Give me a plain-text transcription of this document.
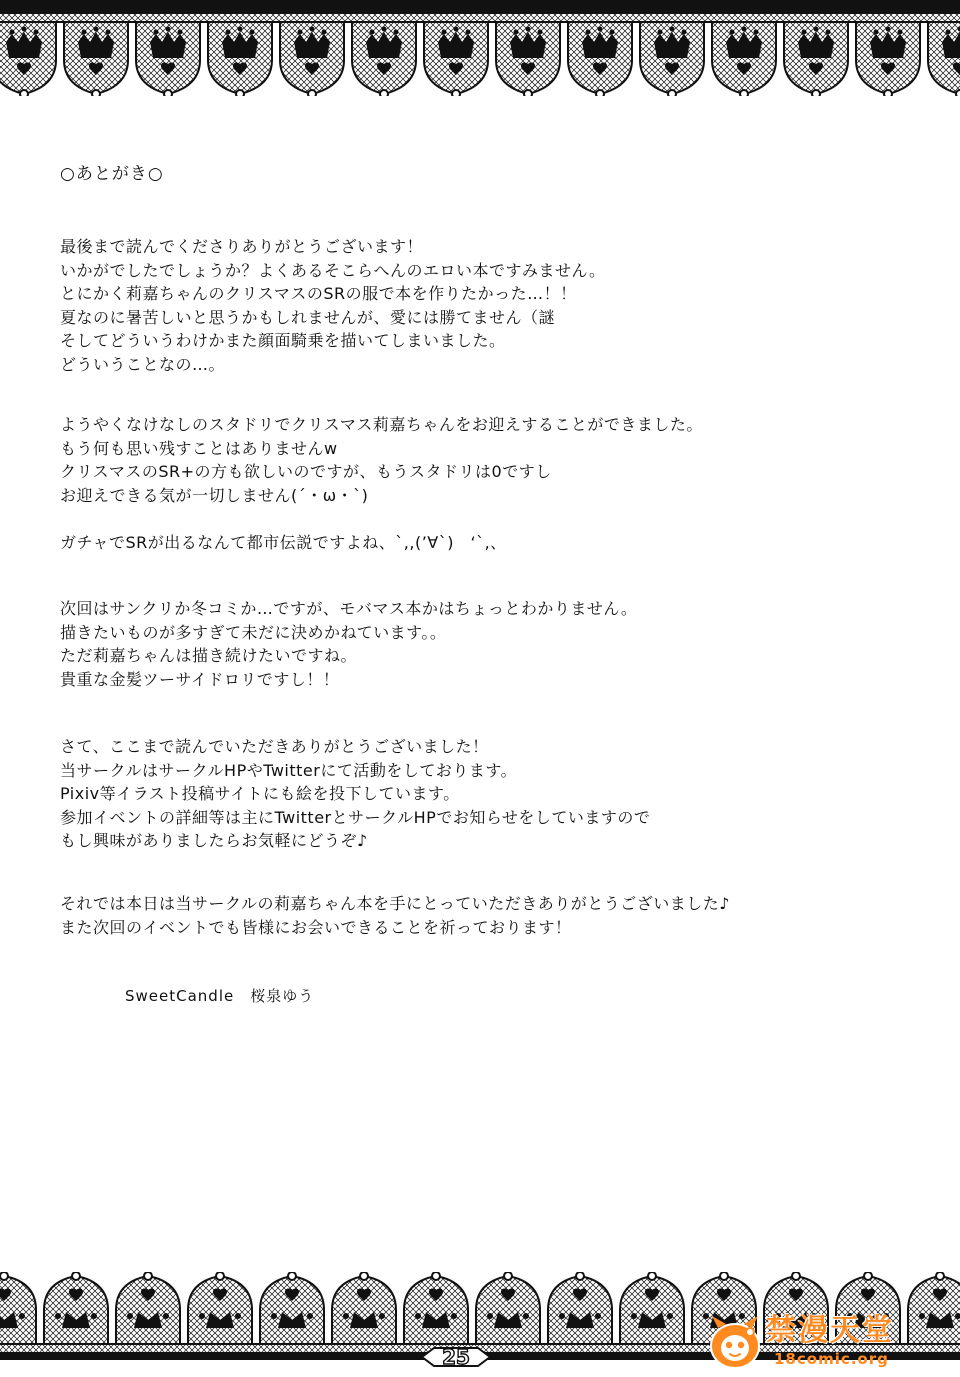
○あとがき○
最後まで読んでくださりありがとうございます！
いかがでしたでしょうか？よくあるそこらへんのエロい本ですみません。
とにかく莉嘉ちゃんのクリスマスのSRの服で本を作りたかった…！！
夏なのに暑苦しいと思うかもしれませんが、愛には勝てません（謎
そしてどういうわけかまた顔面騎乗を描いてしまいました。
どういうことなの…。
ようやくなけなしのスタドリでクリスマス莉嘉ちゃんをお迎えすることができました。
もう何も思い残すことはありませんw
クリスマスのSR+の方も欲しいのですが、もうスタドリは0ですし
お迎えできる気が一切しません(´・ω・`)
ガチャでSRが出るなんて都市伝説ですよね、`,,(’∀`)　‘`,、
次回はサンクリか冬コミか…ですが、モバマス本かはちょっとわかりません。
描きたいものが多すぎて未だに決めかねています。。
ただ莉嘉ちゃんは描き続けたいですね。
貴重な金髪ツーサイドロリですし！！
さて、ここまで読んでいただきありがとうございました！
当サークルはサークルHPやTwitterにて活動をしております。
Pixiv等イラスト投稿サイトにも絵を投下しています。
参加イベントの詳細等は主にTwitterとサークルHPでお知らせをしていますので
もし興味がありましたらお気軽にどうぞ♪
それでは本日は当サークルの莉嘉ちゃん本を手にとっていただきありがとうございました♪
また次回のイベントでも皆様にお会いできることを祈っております！
SweetCandle 桜泉ゆう
25
禁漫天堂
18comic.org
